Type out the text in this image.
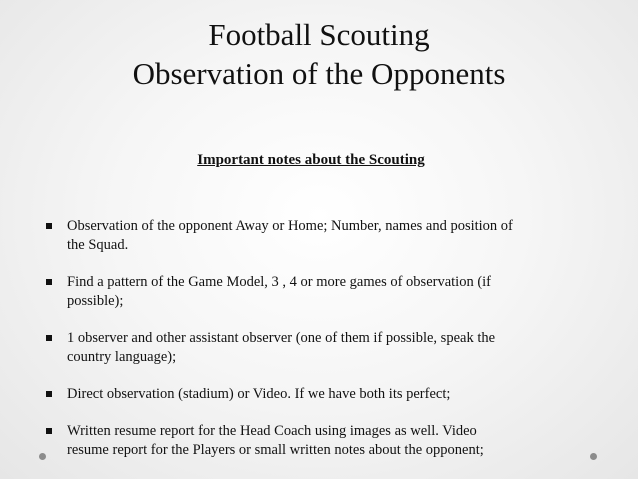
Football Scouting
Observation of the Opponents
Important notes about the Scouting
Observation of the opponent Away or Home; Number, names and position of
the Squad.
Find a pattern of the Game Model, 3 , 4 or more games of observation (if
possible);
1 observer and other assistant observer (one of them if possible, speak the
country language);
Direct observation (stadium) or Video. If we have both its perfect;
Written resume report for the Head Coach using images as well. Video
resume report for the Players or small written notes about the opponent;
